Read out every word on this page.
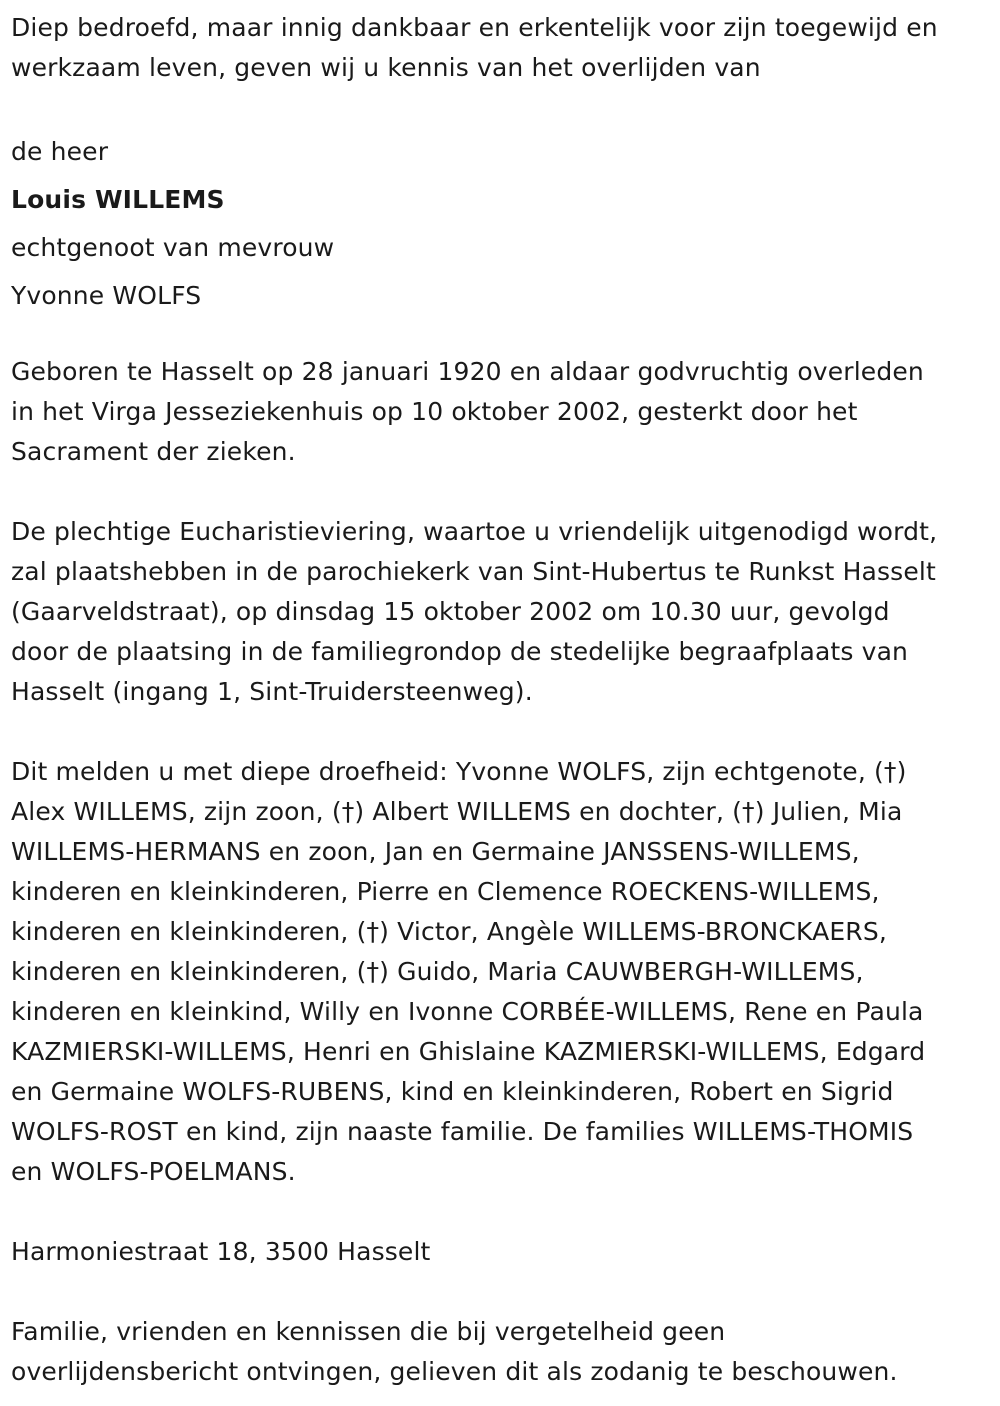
Diep bedroefd, maar innig dankbaar en erkentelijk voor zijn toegewijd en
werkzaam leven, geven wij u kennis van het overlijden van

de heer

Louis WILLEMS

echtgenoot van mevrouw

Yvonne WOLFS

Geboren te Hasselt op 28 januari 1920 en aldaar godvruchtig overleden
in het Virga Jesseziekenhuis op 10 oktober 2002, gesterkt door het
Sacrament der zieken.

De plechtige Eucharistieviering, waartoe u vriendelijk uitgenodigd wordt,
zal plaatshebben in de parochiekerk van Sint-Hubertus te Runkst Hasselt
(Gaarveldstraat), op dinsdag 15 oktober 2002 om 10.30 uur, gevolgd
door de plaatsing in de familiegrondop de stedelijke begraafplaats van
Hasselt (ingang 1, Sint-Truidersteenweg).

Dit melden u met diepe droefheid: Yvonne WOLFS, zijn echtgenote, (†)
Alex WILLEMS, zijn zoon, (†) Albert WILLEMS en dochter, (†) Julien, Mia
WILLEMS-HERMANS en zoon, Jan en Germaine JANSSENS-WILLEMS,
kinderen en kleinkinderen, Pierre en Clemence ROECKENS-WILLEMS,
kinderen en kleinkinderen, (†) Victor, Angèle WILLEMS-BRONCKAERS,
kinderen en kleinkinderen, (†) Guido, Maria CAUWBERGH-WILLEMS,
kinderen en kleinkind, Willy en Ivonne CORBÉE-WILLEMS, Rene en Paula
KAZMIERSKI-WILLEMS, Henri en Ghislaine KAZMIERSKI-WILLEMS, Edgard
en Germaine WOLFS-RUBENS, kind en kleinkinderen, Robert en Sigrid
WOLFS-ROST en kind, zijn naaste familie. De families WILLEMS-THOMIS
en WOLFS-POELMANS.

Harmoniestraat 18, 3500 Hasselt

Familie, vrienden en kennissen die bij vergetelheid geen
overlijdensbericht ontvingen, gelieven dit als zodanig te beschouwen.
